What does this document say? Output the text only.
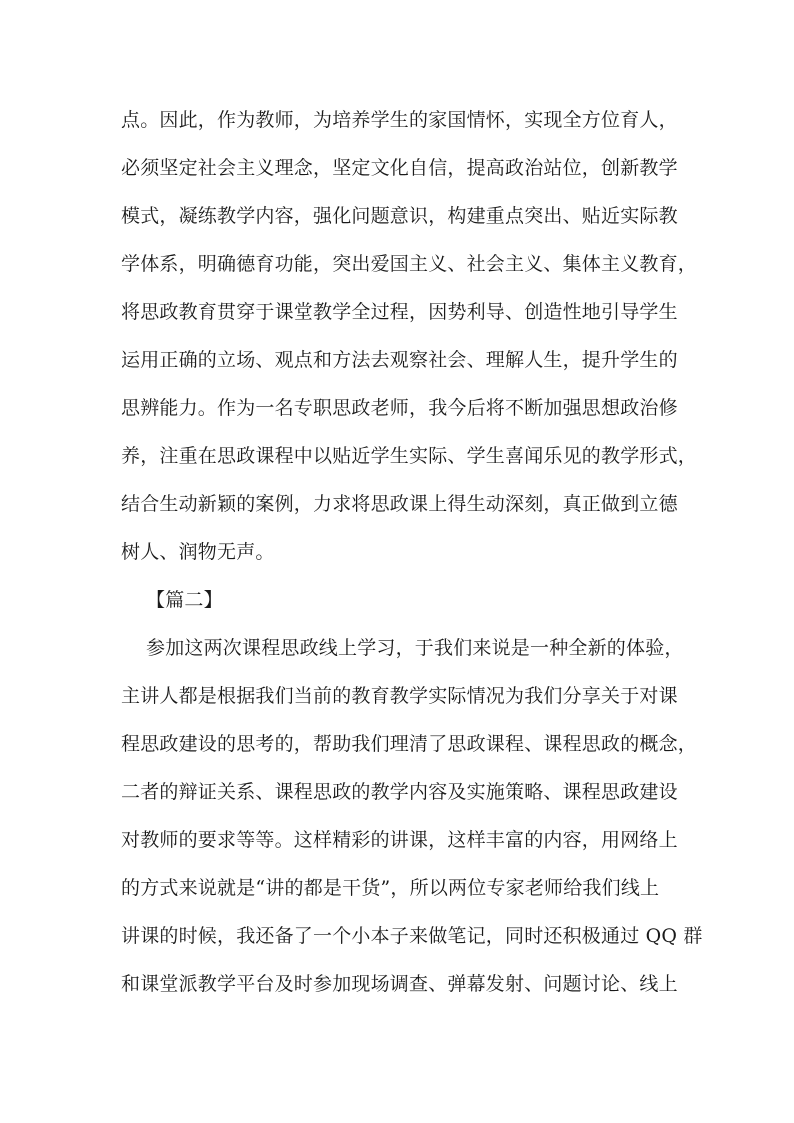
点。因此，作为教师，为培养学生的家国情怀，实现全方位育人，
必须坚定社会主义理念，坚定文化自信，提高政治站位，创新教学
模式，凝练教学内容，强化问题意识，构建重点突出、贴近实际教
学体系，明确德育功能，突出爱国主义、社会主义、集体主义教育，
将思政教育贯穿于课堂教学全过程，因势利导、创造性地引导学生
运用正确的立场、观点和方法去观察社会、理解人生，提升学生的
思辨能力。作为一名专职思政老师，我今后将不断加强思想政治修
养，注重在思政课程中以贴近学生实际、学生喜闻乐见的教学形式，
结合生动新颖的案例，力求将思政课上得生动深刻，真正做到立德
树人、润物无声。
【篇二】
参加这两次课程思政线上学习，于我们来说是一种全新的体验，
主讲人都是根据我们当前的教育教学实际情况为我们分享关于对课
程思政建设的思考的，帮助我们理清了思政课程、课程思政的概念，
二者的辩证关系、课程思政的教学内容及实施策略、课程思政建设
对教师的要求等等。这样精彩的讲课，这样丰富的内容，用网络上
的方式来说就是“讲的都是干货”，所以两位专家老师给我们线上
讲课的时候，我还备了一个小本子来做笔记，同时还积极通过 QQ 群
和课堂派教学平台及时参加现场调查、弹幕发射、问题讨论、线上
